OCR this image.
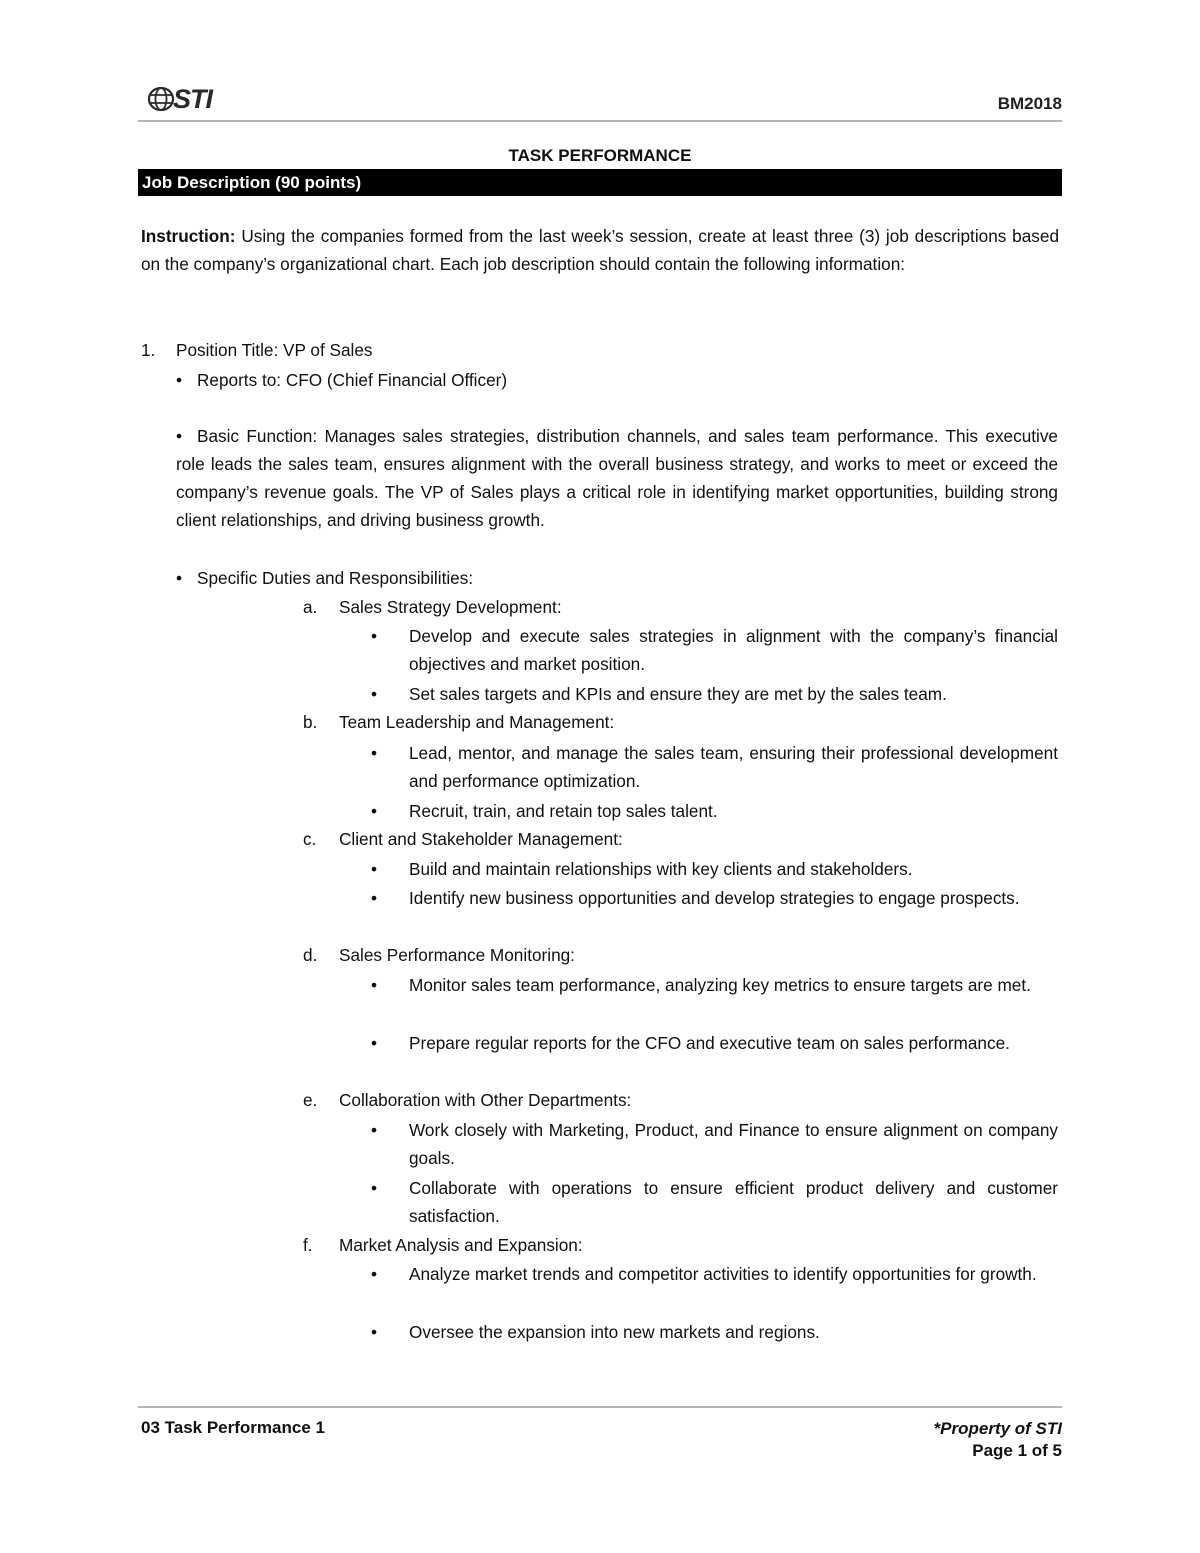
STI	BM2018
TASK PERFORMANCE
Job Description (90 points)
Instruction: Using the companies formed from the last week’s session, create at least three (3) job descriptions based on the company’s organizational chart. Each job description should contain the following information:
1. Position Title: VP of Sales
• Reports to: CFO (Chief Financial Officer)
• Basic Function: Manages sales strategies, distribution channels, and sales team performance. This executive role leads the sales team, ensures alignment with the overall business strategy, and works to meet or exceed the company’s revenue goals. The VP of Sales plays a critical role in identifying market opportunities, building strong client relationships, and driving business growth.
• Specific Duties and Responsibilities:
a. Sales Strategy Development:
• Develop and execute sales strategies in alignment with the company’s financial objectives and market position.
• Set sales targets and KPIs and ensure they are met by the sales team.
b. Team Leadership and Management:
• Lead, mentor, and manage the sales team, ensuring their professional development and performance optimization.
• Recruit, train, and retain top sales talent.
c. Client and Stakeholder Management:
• Build and maintain relationships with key clients and stakeholders.
• Identify new business opportunities and develop strategies to engage prospects.
d. Sales Performance Monitoring:
• Monitor sales team performance, analyzing key metrics to ensure targets are met.
• Prepare regular reports for the CFO and executive team on sales performance.
e. Collaboration with Other Departments:
• Work closely with Marketing, Product, and Finance to ensure alignment on company goals.
• Collaborate with operations to ensure efficient product delivery and customer satisfaction.
f. Market Analysis and Expansion:
• Analyze market trends and competitor activities to identify opportunities for growth.
• Oversee the expansion into new markets and regions.
03 Task Performance 1	*Property of STI
Page 1 of 5
